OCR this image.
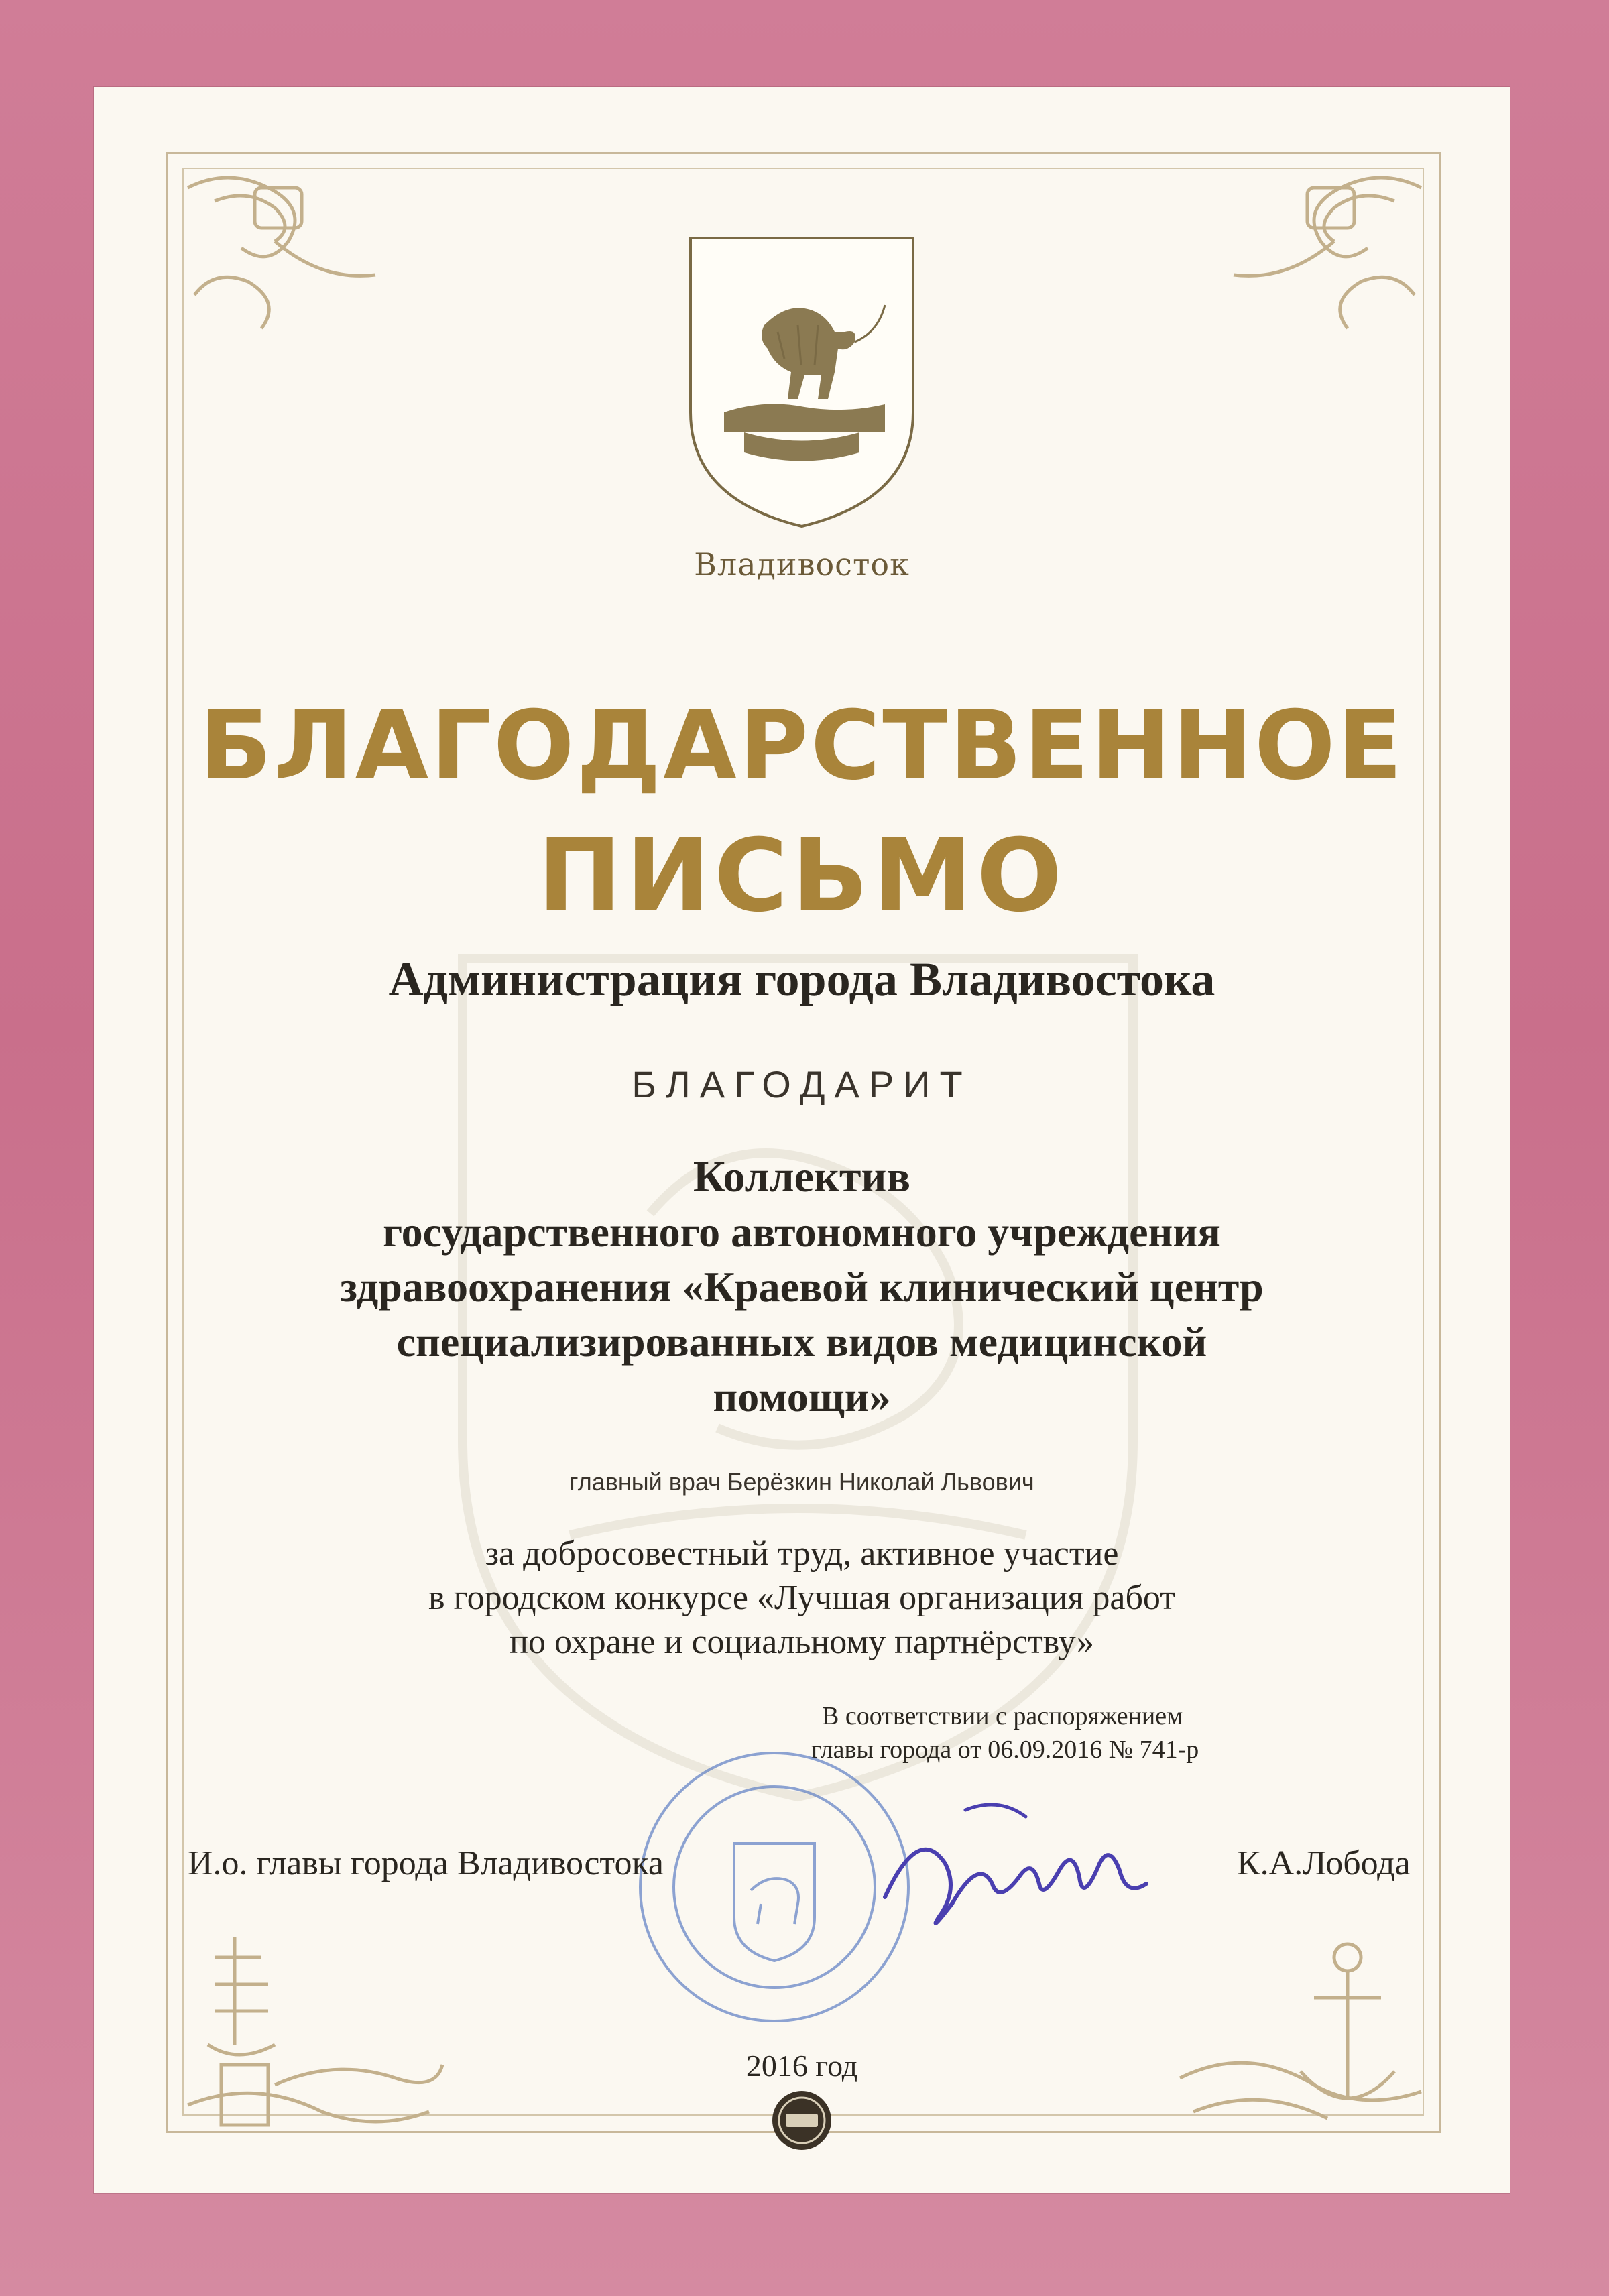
Владивосток
БЛАГОДАРСТВЕННОЕ
ПИСЬМО
Администрация города Владивостока
БЛАГОДАРИТ
Коллектив
государственного автономного учреждения
здравоохранения «Краевой клинический центр
специализированных видов медицинской
помощи»
главный врач Берёзкин Николай Львович
за добросовестный труд, активное участие
в городском конкурсе «Лучшая организация работ
по охране и социальному партнёрству»
В соответствии с распоряжением
главы города от 06.09.2016 № 741-р
И.о. главы города Владивостока	К.А.Лобода
2016 год
